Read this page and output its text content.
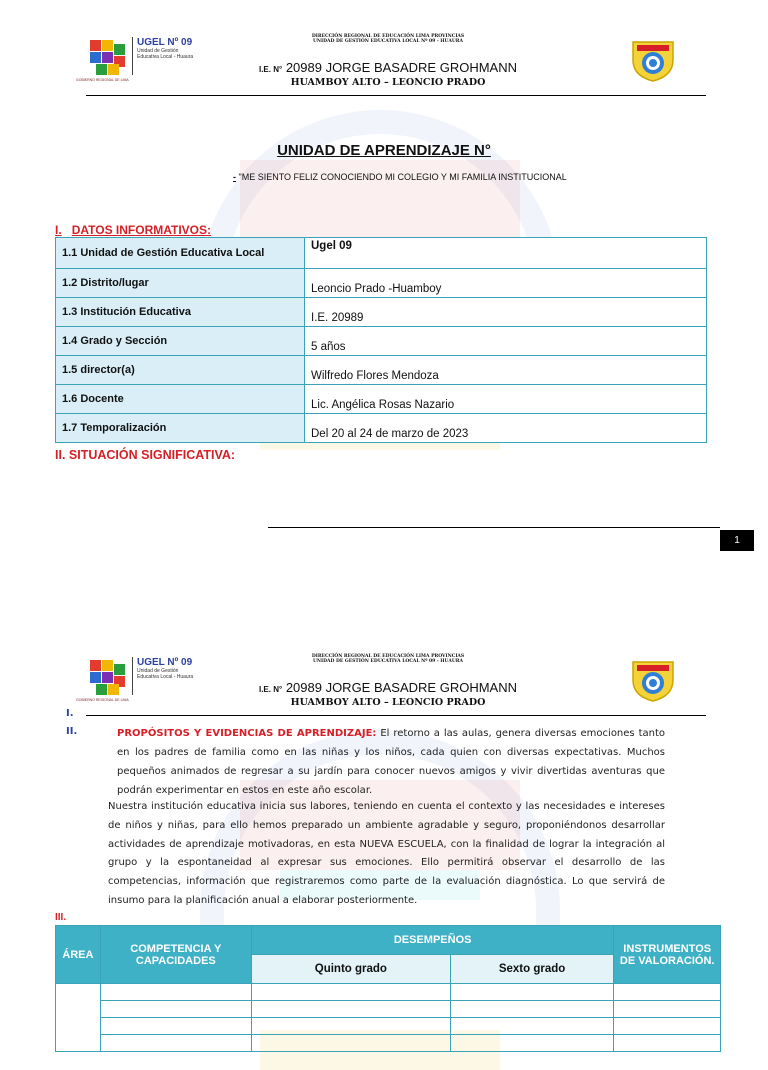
GOBIERNO REGIONAL DE LIMA
UGEL Nº 09
Unidad de Gestión Educativa Local - Huaura
DIRECCIÓN REGIONAL DE EDUCACIÓN LIMA PROVINCIAS
UNIDAD DE GESTIÓN EDUCATIVA LOCAL Nº 09 - HUAURA
I.E. N° 20989 JORGE BASADRE GROHMANN
HUAMBOY ALTO – LEONCIO PRADO
UNIDAD DE APRENDIZAJE N°
- "ME SIENTO FELIZ CONOCIENDO MI COLEGIO Y MI FAMILIA INSTITUCIONAL
I. DATOS INFORMATIVOS:
1.1 Unidad de Gestión Educativa Local	Ugel 09
1.2 Distrito/lugar	Leoncio Prado -Huamboy
1.3 Institución Educativa	I.E. 20989
1.4 Grado y Sección	5 años
1.5 director(a)	Wilfredo Flores Mendoza
1.6 Docente	Lic. Angélica Rosas Nazario
1.7 Temporalización	Del 20 al 24 de marzo de 2023
II. SITUACIÓN SIGNIFICATIVA:
1
GOBIERNO REGIONAL DE LIMA
UGEL Nº 09
Unidad de Gestión Educativa Local - Huaura
DIRECCIÓN REGIONAL DE EDUCACIÓN LIMA PROVINCIAS
UNIDAD DE GESTIÓN EDUCATIVA LOCAL Nº 09 - HUAURA
I.E. N° 20989 JORGE BASADRE GROHMANN
HUAMBOY ALTO – LEONCIO PRADO
I.
II.	PROPÓSITOS Y EVIDENCIAS DE APRENDIZAJE: El retorno a las aulas, genera diversas emociones tanto en los padres de familia como en las niñas y los niños, cada quien con diversas expectativas. Muchos pequeños animados de regresar a su jardín para conocer nuevos amigos y vivir divertidas aventuras que podrán experimentar en estos en este año escolar.
Nuestra institución educativa inicia sus labores, teniendo en cuenta el contexto y las necesidades e intereses de niños y niñas, para ello hemos preparado un ambiente agradable y seguro, proponiéndonos desarrollar actividades de aprendizaje motivadoras, en esta NUEVA ESCUELA, con la finalidad de lograr la integración al grupo y la espontaneidad al expresar sus emociones. Ello permitirá observar el desarrollo de las competencias, información que registraremos como parte de la evaluación diagnóstica. Lo que servirá de insumo para la planificación anual a elaborar posteriormente.
III.
ÁREA	COMPETENCIA Y CAPACIDADES	DESEMPEÑOS		INSTRUMENTOS DE VALORACIÓN.
		Quinto grado	Sexto grado	
